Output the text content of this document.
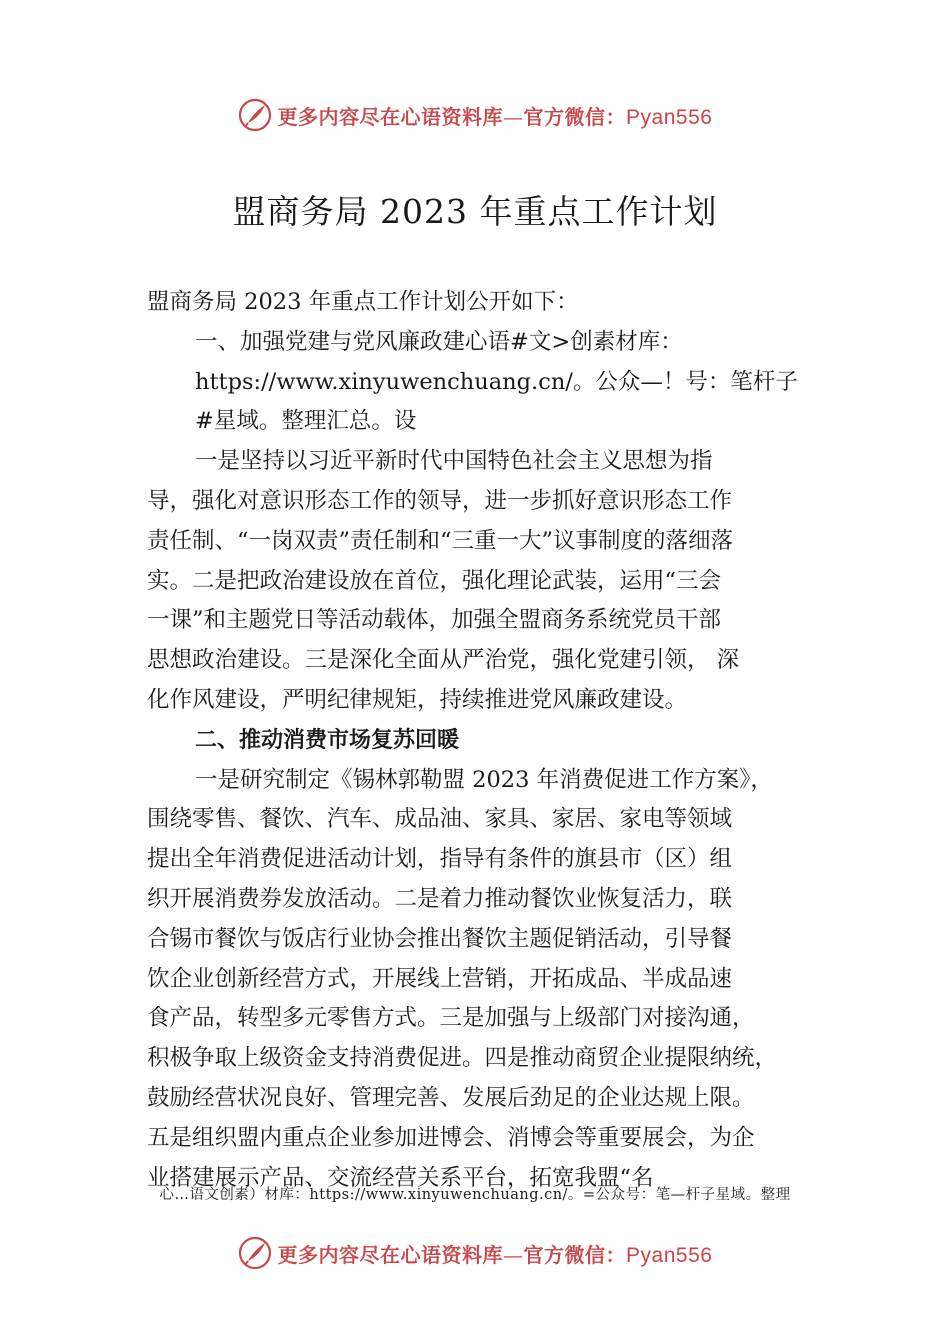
更多内容尽在心语资料库—官方微信：Pyan556
盟商务局 2023 年重点工作计划

盟商务局 2023 年重点工作计划公开如下：

一、加强党建与党风廉政建心语#文>创素材库：

https://www.xinyuwenchuang.cn/。公众—！号：笔杆子

#星域。整理汇总。设

一是坚持以习近平新时代中国特色社会主义思想为指

导，强化对意识形态工作的领导，进一步抓好意识形态工作

责任制、“一岗双责”责任制和“三重一大”议事制度的落细落

实。二是把政治建设放在首位，强化理论武装，运用“三会

一课”和主题党日等活动载体，加强全盟商务系统党员干部

思想政治建设。三是深化全面从严治党，强化党建引领， 深

化作风建设，严明纪律规矩，持续推进党风廉政建设。

二、推动消费市场复苏回暖

一是研究制定《锡林郭勒盟 2023 年消费促进工作方案》，

围绕零售、餐饮、汽车、成品油、家具、家居、家电等领域

提出全年消费促进活动计划，指导有条件的旗县市（区）组

织开展消费券发放活动。二是着力推动餐饮业恢复活力，联

合锡市餐饮与饭店行业协会推出餐饮主题促销活动，引导餐

饮企业创新经营方式，开展线上营销，开拓成品、半成品速

食产品，转型多元零售方式。三是加强与上级部门对接沟通，

积极争取上级资金支持消费促进。四是推动商贸企业提限纳统，

鼓励经营状况良好、管理完善、发展后劲足的企业达规上限。

五是组织盟内重点企业参加进博会、消博会等重要展会，为企

业搭建展示产品、交流经营关系平台，拓宽我盟“名

心…语文创素）材库：https://www.xinyuwenchuang.cn/。=公众号：笔—杆子星域。整理
更多内容尽在心语资料库—官方微信：Pyan556
